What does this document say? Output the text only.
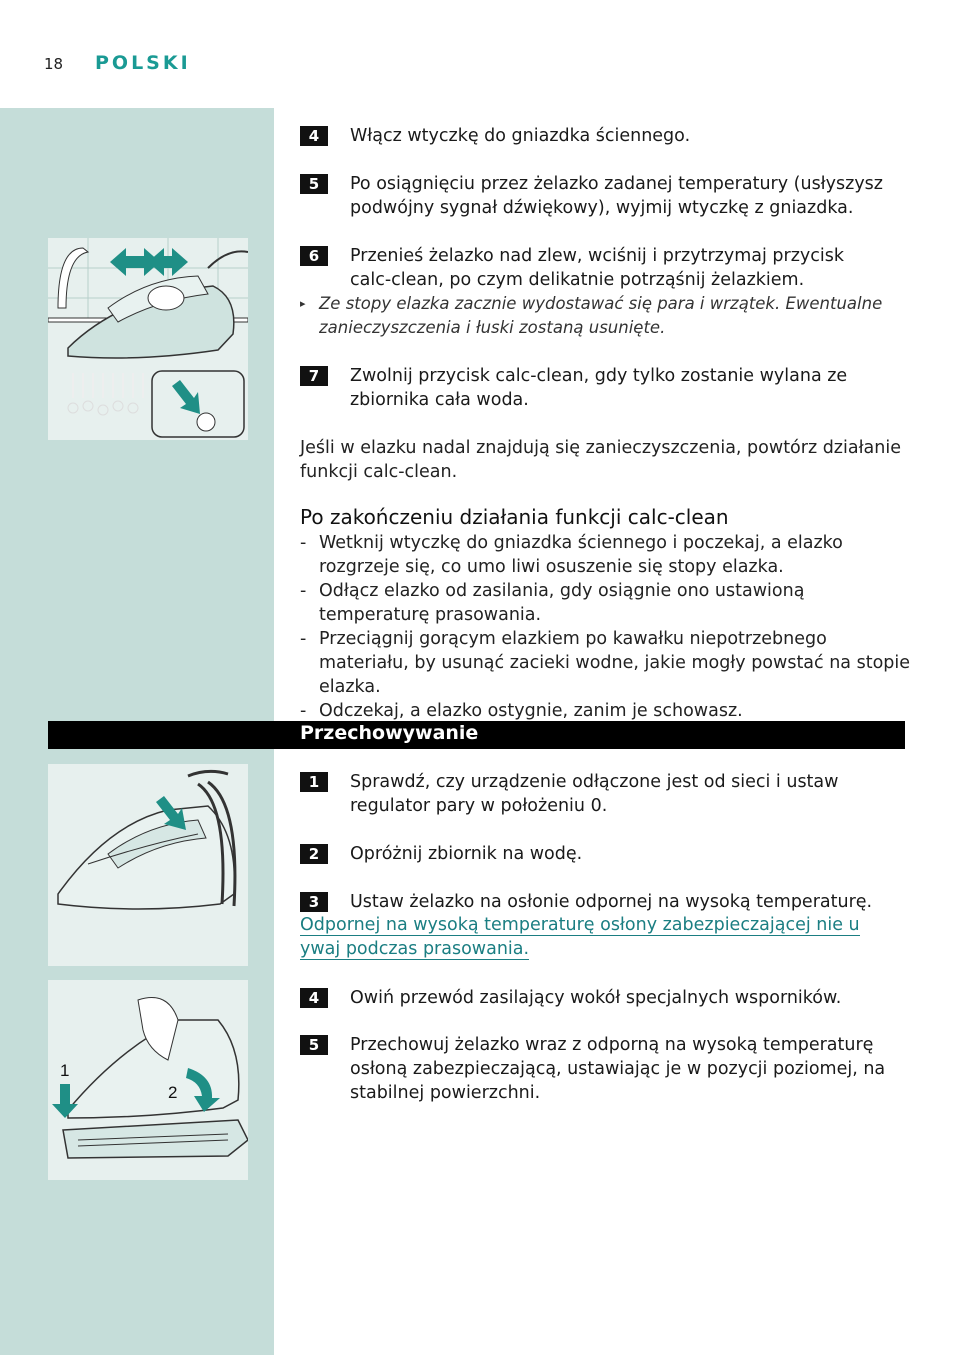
18 POLSKI
4	Włącz wtyczkę do gniazdka ściennego.
5	Po osiągnięciu przez żelazko zadanej temperatury (usłyszysz podwójny sygnał dźwiękowy), wyjmij wtyczkę z gniazdka.
6	Przenieś żelazko nad zlew, wciśnij i przytrzymaj przycisk calc-clean, po czym delikatnie potrząśnij żelazkiem.
▸ Ze stopy elazka zacznie wydostawać się para i wrzątek. Ewentualne zanieczyszczenia i łuski zostaną usunięte.
7	Zwolnij przycisk calc-clean, gdy tylko zostanie wylana ze zbiornika cała woda.
Jeśli w elazku nadal znajdują się zanieczyszczenia, powtórz działanie funkcji calc-clean.
Po zakończeniu działania funkcji calc-clean
- Wetknij wtyczkę do gniazdka ściennego i poczekaj, a elazko rozgrzeje się, co umo liwi osuszenie się stopy elazka.
- Odłącz elazko od zasilania, gdy osiągnie ono ustawioną temperaturę prasowania.
- Przeciągnij gorącym elazkiem po kawałku niepotrzebnego materiału, by usunąć zacieki wodne, jakie mogły powstać na stopie elazka.
- Odczekaj, a elazko ostygnie, zanim je schowasz.
Przechowywanie
1	Sprawdź, czy urządzenie odłączone jest od sieci i ustaw regulator pary w położeniu 0.
2	Opróżnij zbiornik na wodę.
3	Ustaw żelazko na osłonie odpornej na wysoką temperaturę.
Odpornej na wysoką temperaturę osłony zabezpieczającej nie u ywaj podczas prasowania.
4	Owiń przewód zasilający wokół specjalnych wsporników.
5	Przechowuj żelazko wraz z odporną na wysoką temperaturę osłoną zabezpieczającą, ustawiając je w pozycji poziomej, na stabilnej powierzchni.
1
2
